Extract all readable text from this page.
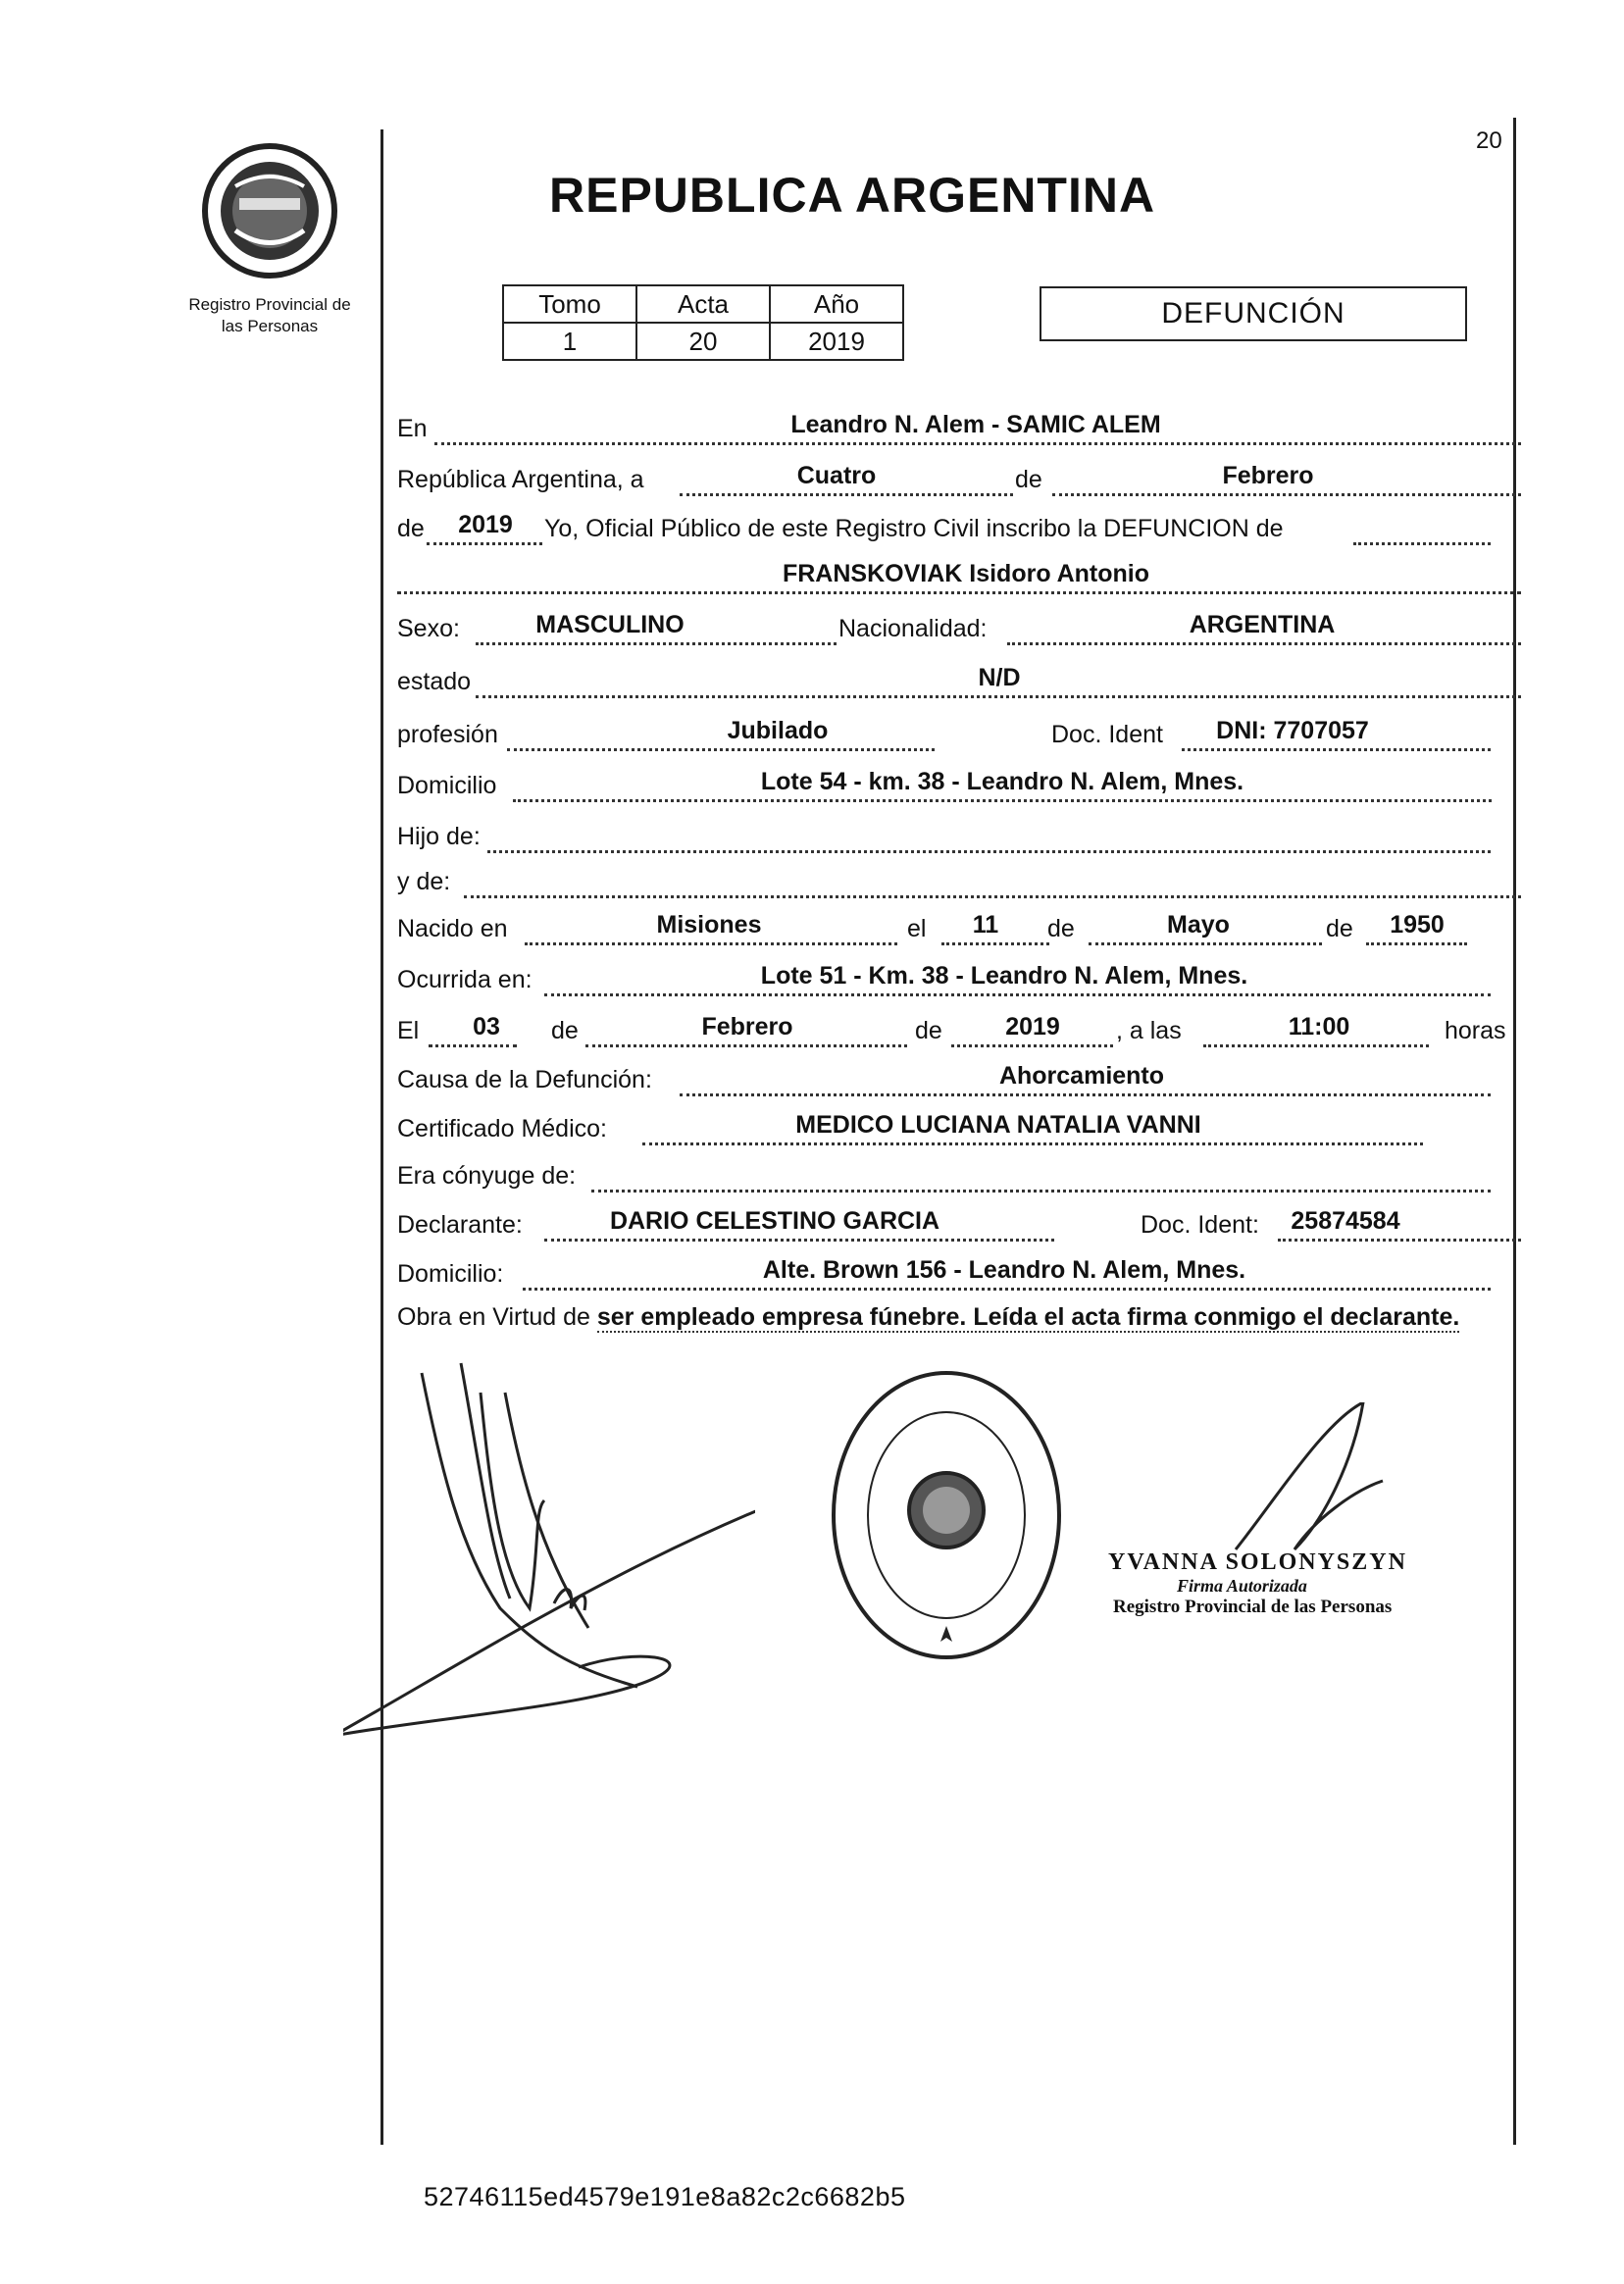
Registro Provincial de
las Personas
20
REPUBLICA ARGENTINA
Tomo	Acta	Año
1	20	2019
DEFUNCIÓN
En	Leandro N. Alem - SAMIC ALEM
República Argentina, a	Cuatro	de	Febrero
de 2019 Yo, Oficial Público de este Registro Civil inscribo la DEFUNCION de
FRANSKOVIAK Isidoro Antonio
Sexo:	MASCULINO	Nacionalidad:	ARGENTINA
estado	N/D
profesión	Jubilado	Doc. Ident DNI: 7707057
Domicilio	Lote 54 - km. 38 - Leandro N. Alem, Mnes.
Hijo de:
y de:
Nacido en	Misiones	el 11 de	Mayo	de 1950
Ocurrida en:	Lote 51 - Km. 38 - Leandro N. Alem, Mnes.
El 03 de	Febrero	de	2019 , a las	11:00	horas
Causa de la Defunción:	Ahorcamiento
Certificado Médico:	MEDICO LUCIANA NATALIA VANNI
Era cónyuge de:
Declarante:	DARIO CELESTINO GARCIA	Doc. Ident: 25874584
Domicilio:	Alte. Brown 156 - Leandro N. Alem, Mnes.
Obra en Virtud de ser empleado empresa fúnebre. Leída el acta firma conmigo el declarante.
YVANNA SOLONYSZYN
Firma Autorizada
Registro Provincial de las Personas
52746115ed4579e191e8a82c2c6682b5
